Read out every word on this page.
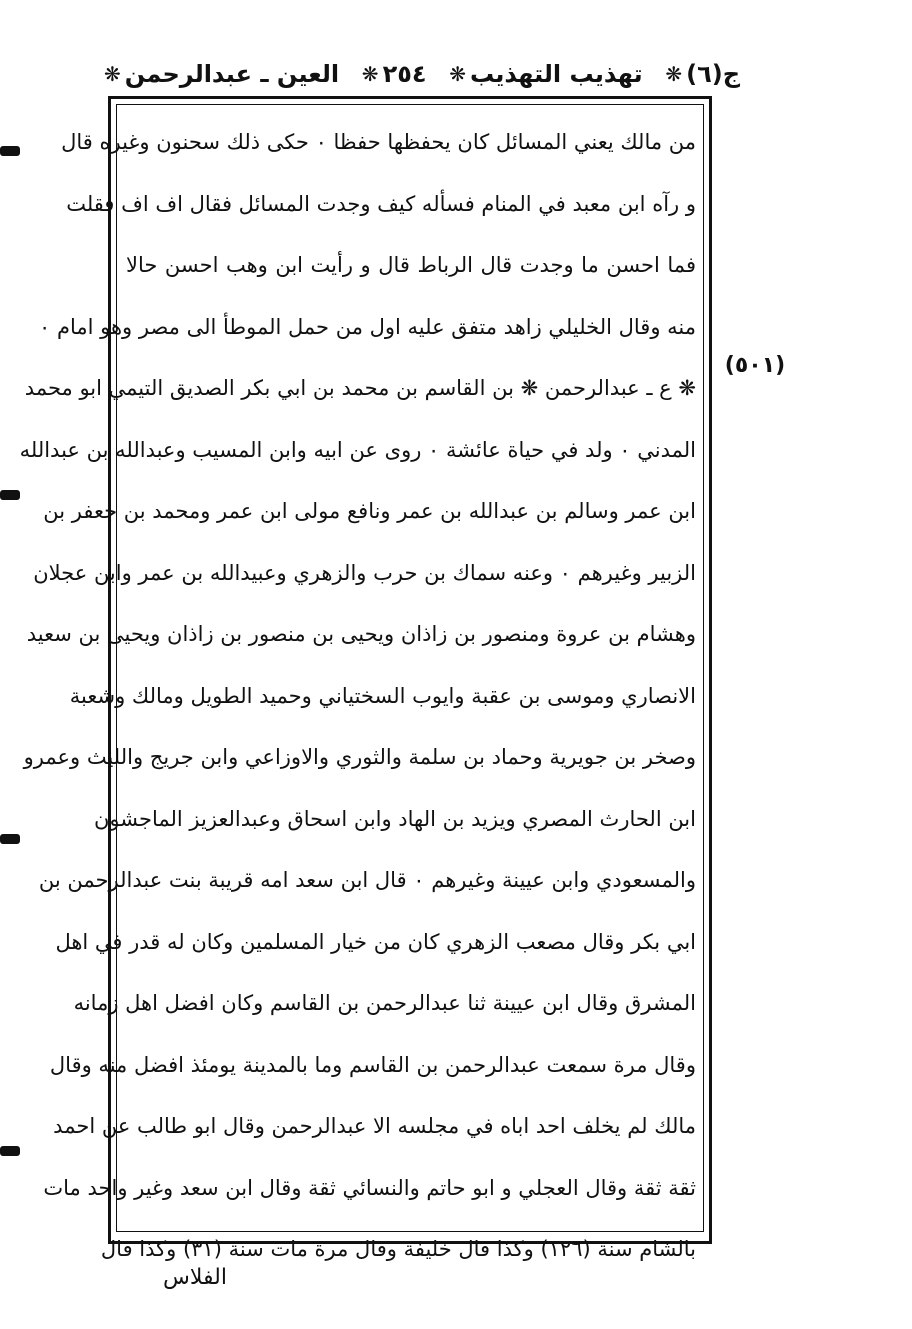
ج(٦)
❋
تهذيب التهذيب
❋
٢٥٤
❋
العين ـ عبدالرحمن
❋
من مالك يعني المسائل كان يحفظها حفظا ٠ حكى ذلك سحنون وغيره قال
و رآه ابن معبد في المنام فسأله كيف وجدت المسائل فقال اف اف فقلت
فما احسن ما وجدت قال الرباط قال و رأيت ابن وهب احسن حالا
منه وقال الخليلي زاهد متفق عليه اول من حمل الموطأ الى مصر وهو امام ٠
❋ ع ـ عبدالرحمن ❋ بن القاسم بن محمد بن ابي بكر الصديق التيمي ابو محمد
المدني ٠ ولد في حياة عائشة ٠ روى عن ابيه وابن المسيب وعبدالله بن عبدالله
ابن عمر وسالم بن عبدالله بن عمر ونافع مولى ابن عمر ومحمد بن جعفر بن
الزبير وغيرهم ٠ وعنه سماك بن حرب والزهري وعبيدالله بن عمر وابن عجلان
وهشام بن عروة ومنصور بن زاذان ويحيى بن منصور بن زاذان ويحيى بن سعيد
الانصاري وموسى بن عقبة وايوب السختياني وحميد الطويل ومالك وشعبة
وصخر بن جويرية وحماد بن سلمة والثوري والاوزاعي وابن جريج والليث وعمرو
ابن الحارث المصري ويزيد بن الهاد وابن اسحاق وعبدالعزيز الماجشون
والمسعودي وابن عيينة وغيرهم ٠ قال ابن سعد امه قريبة بنت عبدالرحمن بن
ابي بكر وقال مصعب الزهري كان من خيار المسلمين وكان له قدر في اهل
المشرق وقال ابن عيينة ثنا عبدالرحمن بن القاسم وكان افضل اهل زمانه
وقال مرة سمعت عبدالرحمن بن القاسم وما بالمدينة يومئذ افضل منه وقال
مالك لم يخلف احد اباه في مجلسه الا عبدالرحمن وقال ابو طالب عن احمد
ثقة ثقة وقال العجلي و ابو حاتم والنسائي ثقة وقال ابن سعد وغير واحد مات
بالشام سنة (١٢٦) وكذا قال خليفة وقال مرة مات سنة (٣١) وكذا قال
(٥٠١)
الفلاس
